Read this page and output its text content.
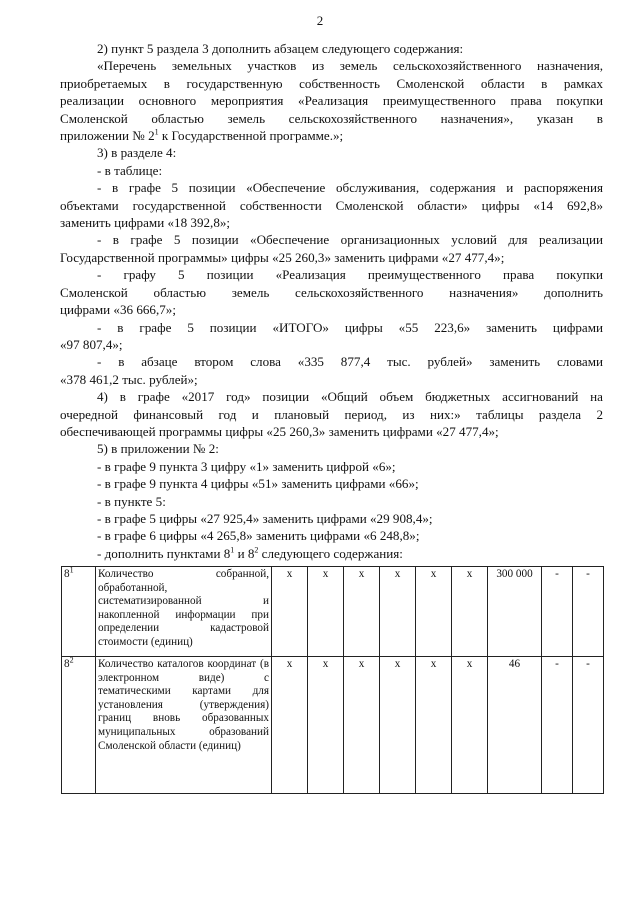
2

2) пункт 5 раздела 3 дополнить абзацем следующего содержания:

«Перечень земельных участков из земель сельскохозяйственного назначения,

приобретаемых в государственную собственность Смоленской области в рамках

реализации основного мероприятия «Реализация преимущественного права покупки

Смоленской областью земель сельскохозяйственного назначения», указан в

приложении № $2^1$ к Государственной программе.»;

3) в разделе 4:

- в таблице:

- в графе 5 позиции «Обеспечение обслуживания, содержания и распоряжения

объектами государственной собственности Смоленской области» цифры «14 692,8»

заменить цифрами «18 392,8»;

- в графе 5 позиции «Обеспечение организационных условий для реализации

Государственной программы» цифры «25 260,3» заменить цифрами «27 477,4»;

- графу 5 позиции «Реализация преимущественного права покупки

Смоленской областью земель сельскохозяйственного назначения» дополнить

цифрами «36 666,7»;

- в графе 5 позиции «ИТОГО» цифры «55 223,6» заменить цифрами

«97 807,4»;

- в абзаце втором слова «335 877,4 тыс. рублей» заменить словами

«378 461,2 тыс. рублей»;

4) в графе «2017 год» позиции «Общий объем бюджетных ассигнований на

очередной финансовый год и плановый период, из них:» таблицы раздела 2

обеспечивающей программы цифры «25 260,3» заменить цифрами «27 477,4»;

5) в приложении № 2:

- в графе 9 пункта 3 цифру «1» заменить цифрой «6»;

- в графе 9 пункта 4 цифры «51» заменить цифрами «66»;

- в пункте 5:

- в графе 5 цифры «27 925,4» заменить цифрами «29 908,4»;

- в графе 6 цифры «4 265,8» заменить цифрами «6 248,8»;

- дополнить пунктами $8^1$ и $8^2$ следующего содержания:

$8^1$	Количество собранной, обработанной, систематизированной и накопленной информации при определении кадастровой стоимости (единиц)	х	х	х	х	х	х	300 000	-	-
$8^2$	Количество каталогов координат (в электронном виде) с тематическими картами для установления (утверждения) границ вновь образованных муниципальных образований Смоленской области (единиц)	х	х	х	х	х	х	46	-	-
